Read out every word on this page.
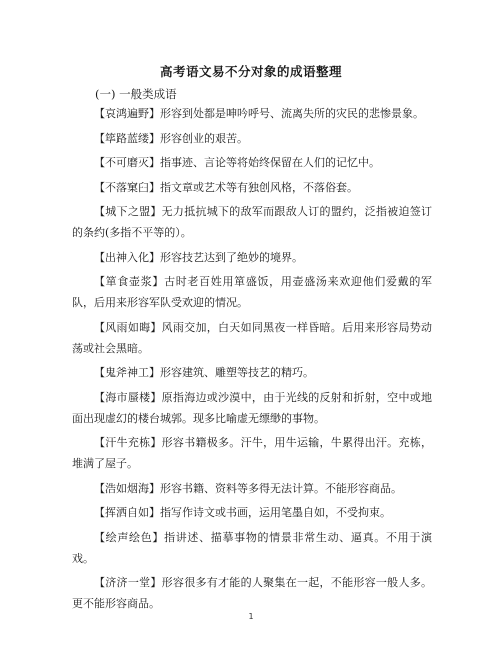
高考语文易不分对象的成语整理
(一) 一般类成语

【哀鸿遍野】形容到处都是呻吟呼号、流离失所的灾民的悲惨景象。

【筚路蓝缕】形容创业的艰苦。

【不可磨灭】指事迹、言论等将始终保留在人们的记忆中。

【不落窠臼】指文章或艺术等有独创风格，不落俗套。

【城下之盟】无力抵抗城下的敌军而跟敌人订的盟约，泛指被迫签订的条约(多指不平等的）。

【出神入化】形容技艺达到了绝妙的境界。

【箪食壶浆】古时老百姓用箪盛饭，用壶盛汤来欢迎他们爱戴的军队，后用来形容军队受欢迎的情况。

【风雨如晦】风雨交加，白天如同黑夜一样昏暗。后用来形容局势动荡或社会黑暗。

【鬼斧神工】形容建筑、雕塑等技艺的精巧。

【海市蜃楼】原指海边或沙漠中，由于光线的反射和折射，空中或地面出现虚幻的楼台城郭。现多比喻虚无缥缈的事物。

【汗牛充栋】形容书籍极多。汗牛，用牛运输，牛累得出汗。充栋，堆满了屋子。

【浩如烟海】形容书籍、资料等多得无法计算。不能形容商品。

【挥洒自如】指写作诗文或书画，运用笔墨自如，不受拘束。

【绘声绘色】指讲述、描摹事物的情景非常生动、逼真。不用于演戏。

【济济一堂】形容很多有才能的人聚集在一起，不能形容一般人多。更不能形容商品。

1
